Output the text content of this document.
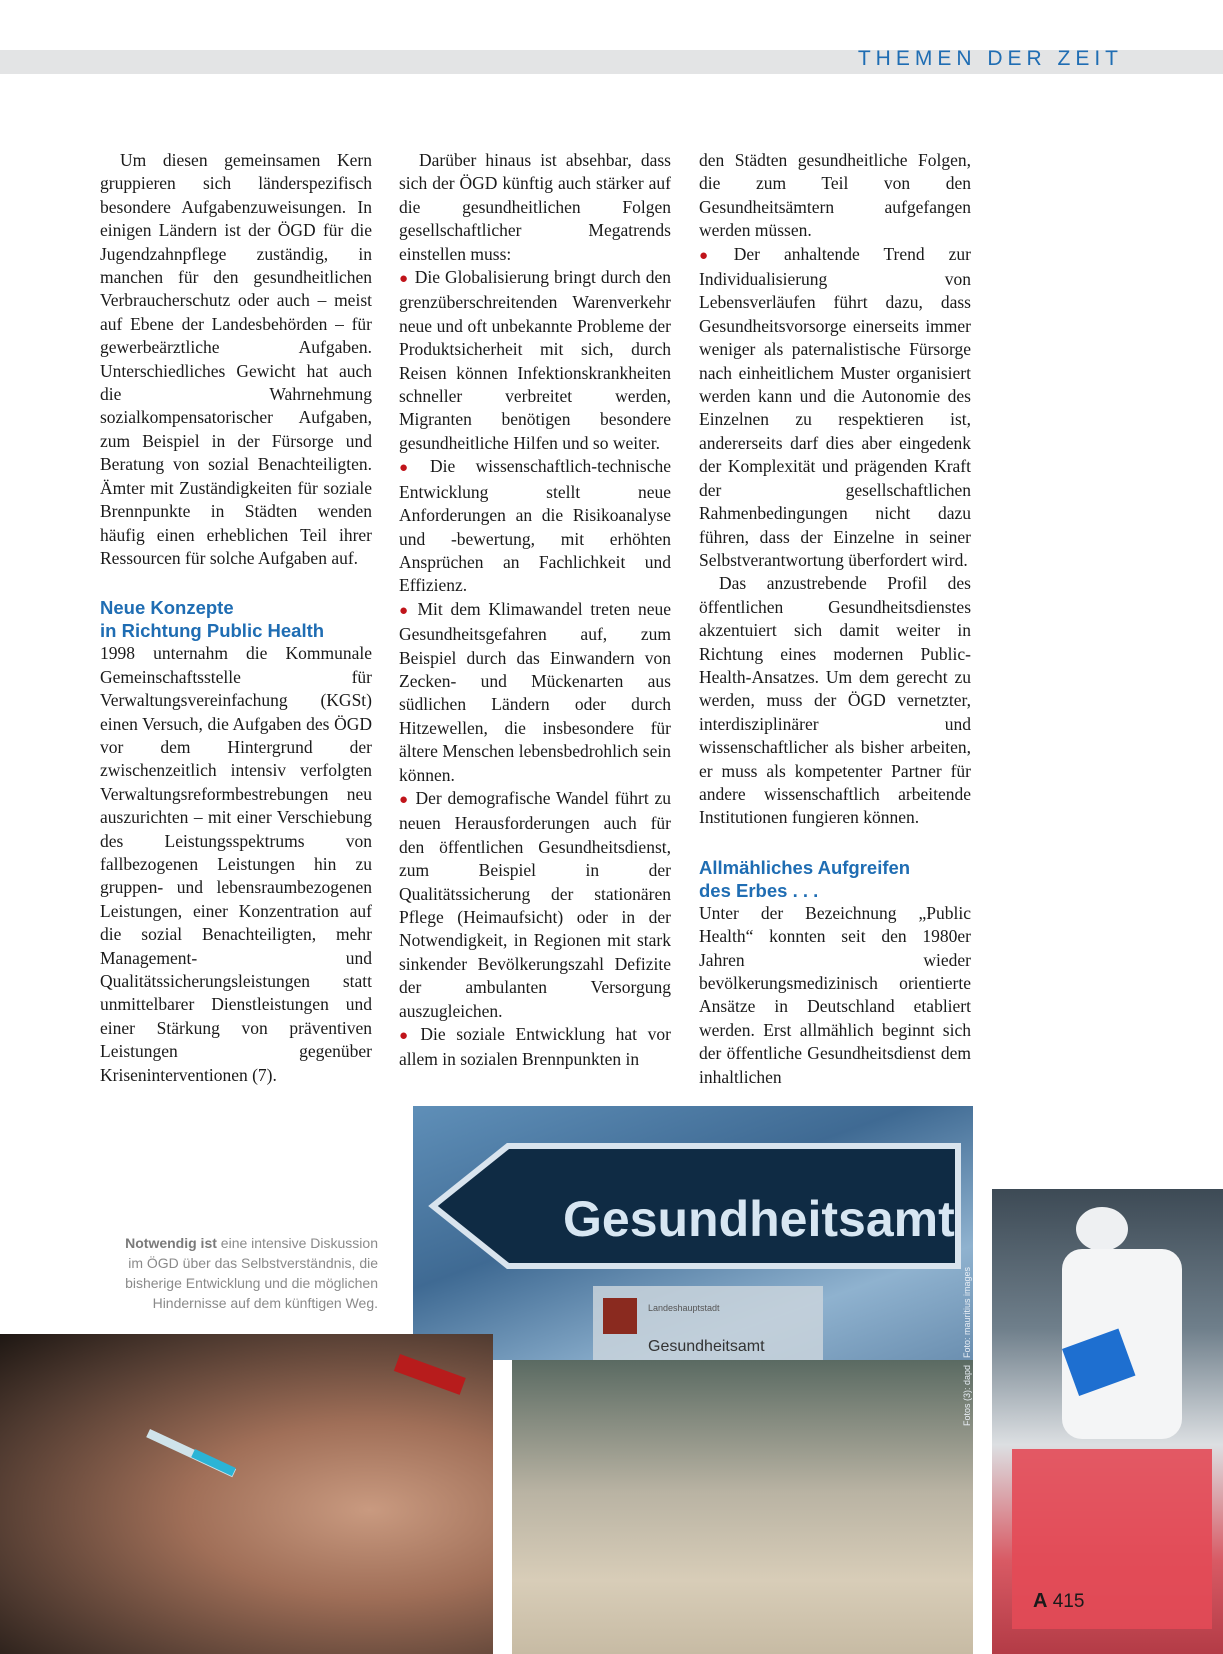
THEMEN DER ZEIT

Um diesen gemeinsamen Kern gruppieren sich länderspezifisch besondere Aufgabenzuweisungen. In einigen Ländern ist der ÖGD für die Jugendzahnpflege zuständig, in manchen für den gesundheitlichen Verbraucherschutz oder auch – meist auf Ebene der Landesbehörden – für gewerbeärztliche Aufgaben. Unterschiedliches Gewicht hat auch die Wahrnehmung sozialkompensatorischer Aufgaben, zum Beispiel in der Fürsorge und Beratung von sozial Benachteiligten. Ämter mit Zuständigkeiten für soziale Brennpunkte in Städten wenden häufig einen erheblichen Teil ihrer Ressourcen für solche Aufgaben auf.

Neue Konzepte
in Richtung Public Health

1998 unternahm die Kommunale Gemeinschaftsstelle für Verwaltungsvereinfachung (KGSt) einen Versuch, die Aufgaben des ÖGD vor dem Hintergrund der zwischenzeitlich intensiv verfolgten Verwaltungsreformbestrebungen neu auszurichten – mit einer Verschiebung des Leistungsspektrums von fallbezogenen Leistungen hin zu gruppen- und lebensraumbezogenen Leistungen, einer Konzentration auf die sozial Benachteiligten, mehr Management- und Qualitätssicherungsleistungen statt unmittelbarer Dienstleistungen und einer Stärkung von präventiven Leistungen gegenüber Kriseninterventionen (7).

Darüber hinaus ist absehbar, dass sich der ÖGD künftig auch stärker auf die gesundheitlichen Folgen gesellschaftlicher Megatrends einstellen muss:

● Die Globalisierung bringt durch den grenzüberschreitenden Warenverkehr neue und oft unbekannte Probleme der Produktsicherheit mit sich, durch Reisen können Infektionskrankheiten schneller verbreitet werden, Migranten benötigen besondere gesundheitliche Hilfen und so weiter.

● Die wissenschaftlich-technische Entwicklung stellt neue Anforderungen an die Risikoanalyse und -bewertung, mit erhöhten Ansprüchen an Fachlichkeit und Effizienz.

● Mit dem Klimawandel treten neue Gesundheitsgefahren auf, zum Beispiel durch das Einwandern von Zecken- und Mückenarten aus südlichen Ländern oder durch Hitzewellen, die insbesondere für ältere Menschen lebensbedrohlich sein können.

● Der demografische Wandel führt zu neuen Herausforderungen auch für den öffentlichen Gesundheitsdienst, zum Beispiel in der Qualitätssicherung der stationären Pflege (Heimaufsicht) oder in der Notwendigkeit, in Regionen mit stark sinkender Bevölkerungszahl Defizite der ambulanten Versorgung auszugleichen.

● Die soziale Entwicklung hat vor allem in sozialen Brennpunkten in

den Städten gesundheitliche Folgen, die zum Teil von den Gesundheitsämtern aufgefangen werden müssen.

● Der anhaltende Trend zur Individualisierung von Lebensverläufen führt dazu, dass Gesundheitsvorsorge einerseits immer weniger als paternalistische Fürsorge nach einheitlichem Muster organisiert werden kann und die Autonomie des Einzelnen zu respektieren ist, andererseits darf dies aber eingedenk der Komplexität und prägenden Kraft der gesellschaftlichen Rahmenbedingungen nicht dazu führen, dass der Einzelne in seiner Selbstverantwortung überfordert wird.

Das anzustrebende Profil des öffentlichen Gesundheitsdienstes akzentuiert sich damit weiter in Richtung eines modernen Public-Health-Ansatzes. Um dem gerecht zu werden, muss der ÖGD vernetzter, interdisziplinärer und wissenschaftlicher als bisher arbeiten, er muss als kompetenter Partner für andere wissenschaftlich arbeitende Institutionen fungieren können.

Allmähliches Aufgreifen
des Erbes . . .

Unter der Bezeichnung „Public Health“ konnten seit den 1980er Jahren wieder bevölkerungsmedizinisch orientierte Ansätze in Deutschland etabliert werden. Erst allmählich beginnt sich der öffentliche Gesundheitsdienst dem inhaltlichen

Notwendig ist eine intensive Diskussion im ÖGD über das Selbstverständnis, die bisherige Entwicklung und die möglichen Hindernisse auf dem künftigen Weg.
Gesundheitsamt
Landeshauptstadt
Gesundheitsamt	Foto: mauritius images
Fotos (3): dapd
A 415
